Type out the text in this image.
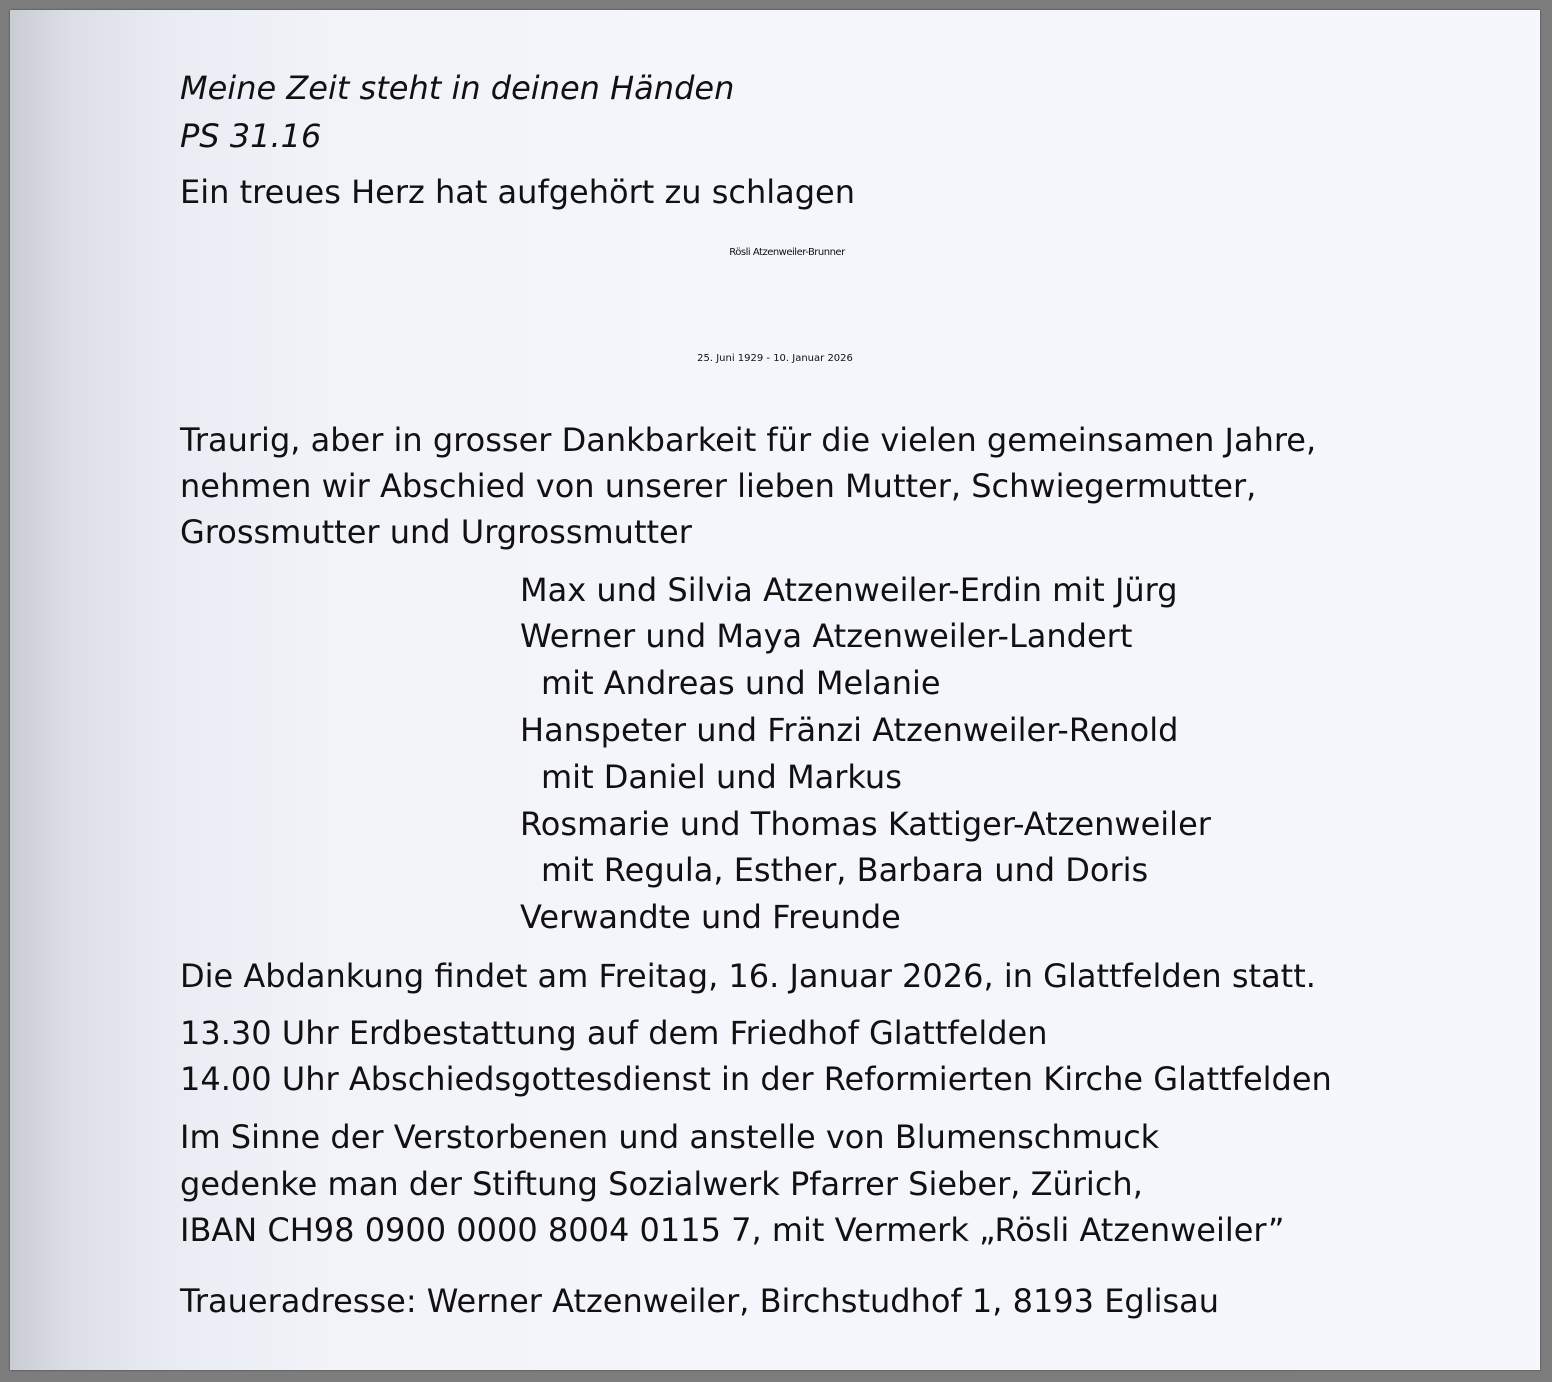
Meine Zeit steht in deinen Händen
PS 31.16
Ein treues Herz hat aufgehört zu schlagen
Rösli Atzenweiler-Brunner
25. Juni 1929 - 10. Januar 2026
Traurig, aber in grosser Dankbarkeit für die vielen gemeinsamen Jahre,
nehmen wir Abschied von unserer lieben Mutter, Schwiegermutter,
Grossmutter und Urgrossmutter
Max und Silvia Atzenweiler-Erdin mit Jürg
Werner und Maya Atzenweiler-Landert
mit Andreas und Melanie
Hanspeter und Fränzi Atzenweiler-Renold
mit Daniel und Markus
Rosmarie und Thomas Kattiger-Atzenweiler
mit Regula, Esther, Barbara und Doris
Verwandte und Freunde
Die Abdankung findet am Freitag, 16. Januar 2026, in Glattfelden statt.
13.30 Uhr Erdbestattung auf dem Friedhof Glattfelden
14.00 Uhr Abschiedsgottesdienst in der Reformierten Kirche Glattfelden
Im Sinne der Verstorbenen und anstelle von Blumenschmuck
gedenke man der Stiftung Sozialwerk Pfarrer Sieber, Zürich,
IBAN CH98 0900 0000 8004 0115 7, mit Vermerk „Rösli Atzenweiler”
Traueradresse: Werner Atzenweiler, Birchstudhof 1, 8193 Eglisau
